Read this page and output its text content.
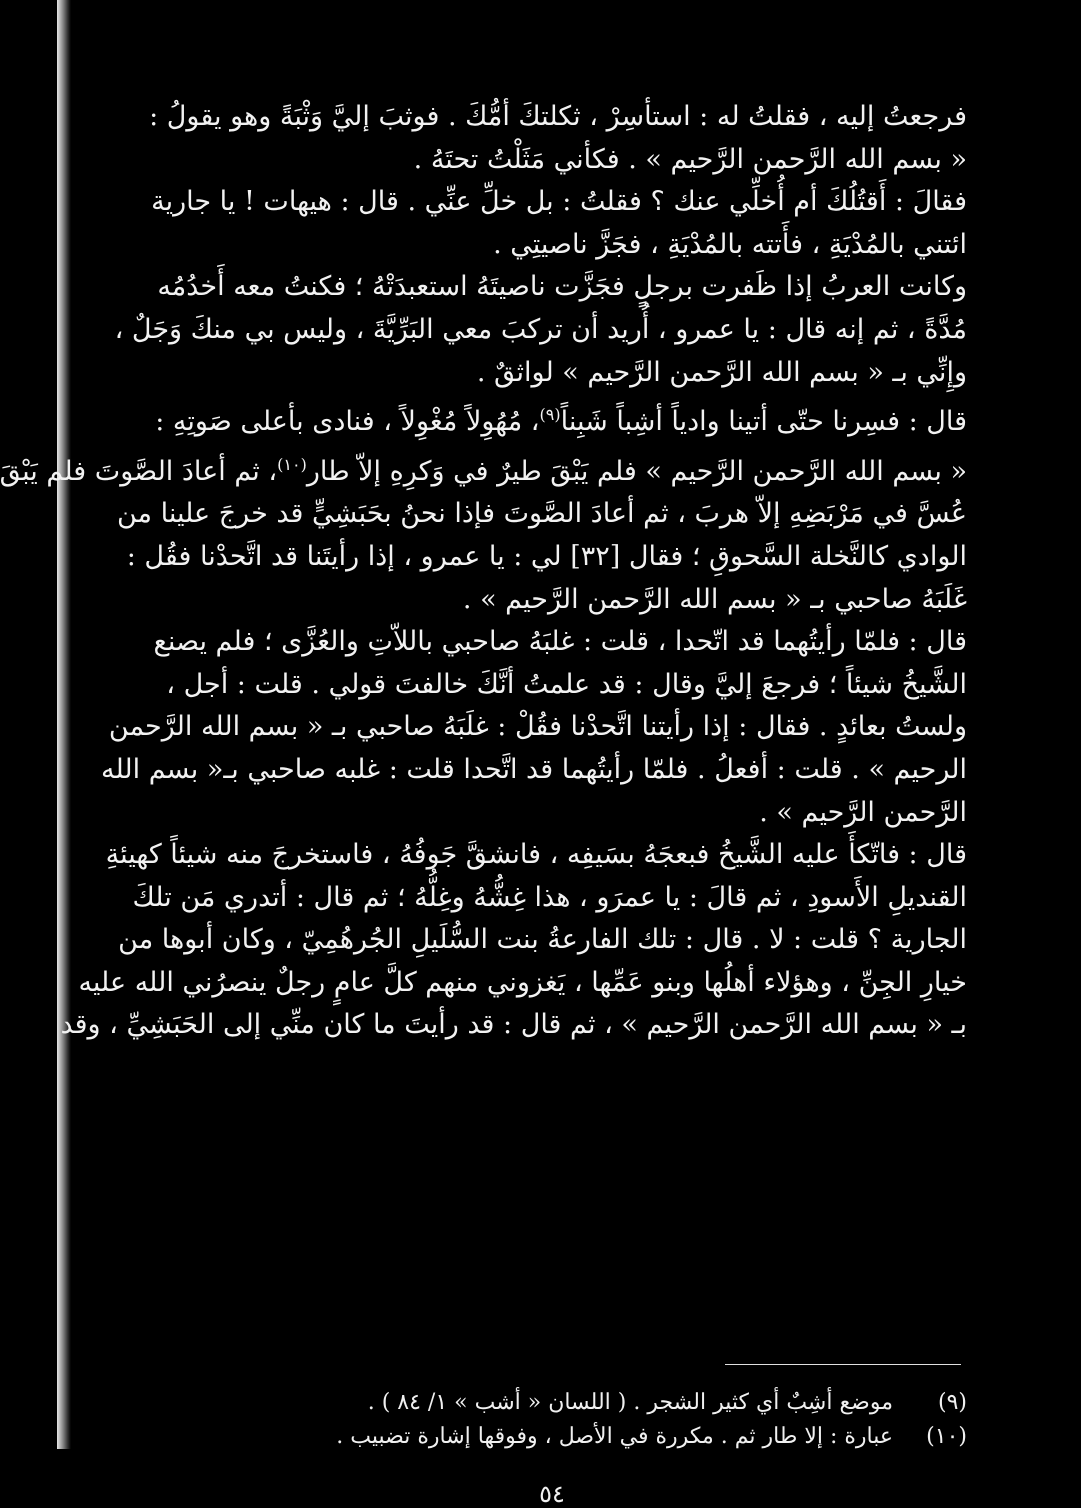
فرجعتُ إليه ، فقلتُ له : استأسِرْ ، ثكلتكَ أمُّكَ . فوثبَ إليَّ وَثْبَةً وهو يقولُ :
« بسم الله الرَّحمن الرَّحيم » . فكأني مَثَلْتُ تحتَهُ .
فقالَ : أَقتُلُكَ أم أُخلِّي عنك ؟ فقلتُ : بل خلِّ عنِّي . قال : هيهات ! يا جارية
ائتني بالمُدْيَةِ ، فأَتته بالمُدْيَةِ ، فجَزَّ ناصيتِي .
وكانت العربُ إذا ظَفرت برجلٍ فجَزَّت ناصيتَهُ استعبدَتْهُ ؛ فكنتُ معه أَخدُمُه
مُدَّةً ، ثم إنه قال : يا عمرو ، أُريد أن تركبَ معي البَرِّيَّةَ ، وليس بي منكَ وَجَلٌ ،
وإِنِّي بـ « بسم الله الرَّحمن الرَّحيم » لواثقٌ .
قال : فسِرنا حتّى أتينا وادياً أشِباً شَبِناً$^{(٩)}$، مُهُوِلاً مُغْوِلاً ، فنادى بأعلى صَوتِهِ :
« بسم الله الرَّحمن الرَّحيم » فلم يَبْقَ طيرٌ في وَكرِهِ إلاّ طار$^{(١٠)}$، ثم أعادَ الصَّوتَ فلم يَبْقَ
عُسَّ في مَرْبَضِهِ إلاّ هربَ ، ثم أعادَ الصَّوتَ فإذا نحنُ بحَبَشِيٍّ قد خرجَ علينا من
الوادي كالنَّخلة السَّحوقِ ؛ فقال [٣٢] لي : يا عمرو ، إذا رأيتَنا قد اتَّحدْنا فقُل :
غَلَبَهُ صاحبي بـ « بسم الله الرَّحمن الرَّحيم » .
قال : فلمّا رأيتُهما قد اتّحدا ، قلت : غلبَهُ صاحبي باللاّتِ والعُزَّى ؛ فلم يصنع
الشَّيخُ شيئاً ؛ فرجعَ إليَّ وقال : قد علمتُ أنَّكَ خالفتَ قولي . قلت : أجل ،
ولستُ بعائدٍ . فقال : إذا رأيتنا اتَّحدْنا فقُلْ : غلَبَهُ صاحبي بـ « بسم الله الرَّحمن
الرحيم » . قلت : أفعلُ . فلمّا رأيتُهما قد اتَّحدا قلت : غلبه صاحبي بـ« بسم الله
الرَّحمن الرَّحيم » .
قال : فاتّكأَ عليه الشَّيخُ فبعجَهُ بسَيفِه ، فانشقَّ جَوفُهُ ، فاستخرجَ منه شيئاً كهيئةِ
القنديلِ الأَسودِ ، ثم قالَ : يا عمرَو ، هذا غِشُّهُ وغِلُّهُ ؛ ثم قال : أتدري مَن تلكَ
الجارية ؟ قلت : لا . قال : تلك الفارعةُ بنت السُّلَيلِ الجُرهُمِيّ ، وكان أبوها من
خيارِ الجِنِّ ، وهؤلاء أهلُها وبنو عَمِّها ، يَغزوني منهم كلَّ عامٍ رجلٌ ينصرُني الله عليه
بـ « بسم الله الرَّحمن الرَّحيم » ، ثم قال : قد رأيتَ ما كان منِّي إلى الحَبَشِيِّ ، وقد
(٩)موضع أشِبٌ أي كثير الشجر . ( اللسان « أشب » ١/ ٨٤ ) .
(١٠)عبارة : إلا طار ثم . مكررة في الأصل ، وفوقها إشارة تضبيب .
٥٤
